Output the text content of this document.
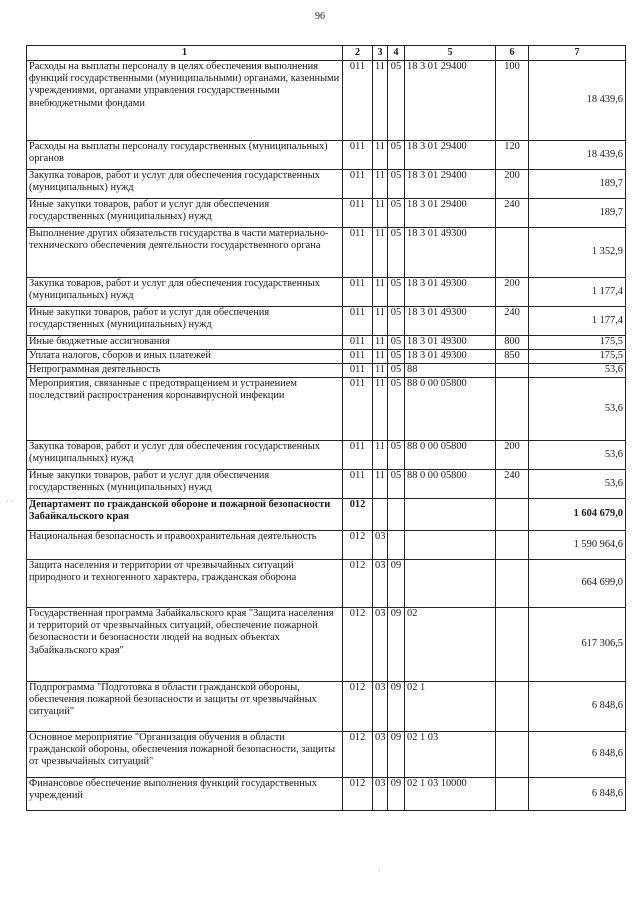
96
· ·
·
1	2	3	4	5	6	7
Расходы на выплаты персоналу в целях обеспечения выполнения функций государственными (муниципальными) органами, казенными учреждениями, органами управления государственными внебюджетными фондами	011	11	05	18 3 01 29400	100	18 439,6
Расходы на выплаты персоналу государственных (муниципальных) органов	011	11	05	18 3 01 29400	120	18 439,6
Закупка товаров, работ и услуг для обеспечения государственных (муниципальных) нужд	011	11	05	18 3 01 29400	200	189,7
Иные закупки товаров, работ и услуг для обеспечения государственных (муниципальных) нужд	011	11	05	18 3 01 29400	240	189,7
Выполнение других обязательств государства в части материально-технического обеспечения деятельности государственного органа	011	11	05	18 3 01 49300		1 352,9
Закупка товаров, работ и услуг для обеспечения государственных (муниципальных) нужд	011	11	05	18 3 01 49300	200	1 177,4
Иные закупки товаров, работ и услуг для обеспечения государственных (муниципальных) нужд	011	11	05	18 3 01 49300	240	1 177,4
Иные бюджетные ассигнования	011	11	05	18 3 01 49300	800	175,5
Уплата налогов, сборов и иных платежей	011	11	05	18 3 01 49300	850	175,5
Непрограммная деятельность	011	11	05	88		53,6
Мероприятия, связанные с предотвращением и устранением последствий распространения коронавирусной инфекции	011	11	05	88 0 00 05800		53,6
Закупка товаров, работ и услуг для обеспечения государственных (муниципальных) нужд	011	11	05	88 0 00 05800	200	53,6
Иные закупки товаров, работ и услуг для обеспечения государственных (муниципальных) нужд	011	11	05	88 0 00 05800	240	53,6
Департамент по гражданской обороне и пожарной безопасности Забайкальского края	012					1 604 679,0
Национальная безопасность и правоохранительная деятельность	012	03				1 590 964,6
Защита населения и территории от чрезвычайных ситуаций природного и техногенного характера, гражданская оборона	012	03	09			664 699,0
Государственная программа Забайкальского края "Защита населения и территорий от чрезвычайных ситуаций, обеспечение пожарной безопасности и безопасности людей на водных объектах Забайкальского края"	012	03	09	02		617 306,5
Подпрограмма "Подготовка в области гражданской обороны, обеспечения пожарной безопасности и защиты от чрезвычайных ситуаций"	012	03	09	02 1		6 848,6
Основное мероприятие "Организация обучения в области гражданской обороны, обеспечения пожарной безопасности, защиты от чрезвычайных ситуаций"	012	03	09	02 1 03		6 848,6
Финансовое обеспечение выполнения функций государственных учреждений	012	03	09	02 1 03 10000		6 848,6
